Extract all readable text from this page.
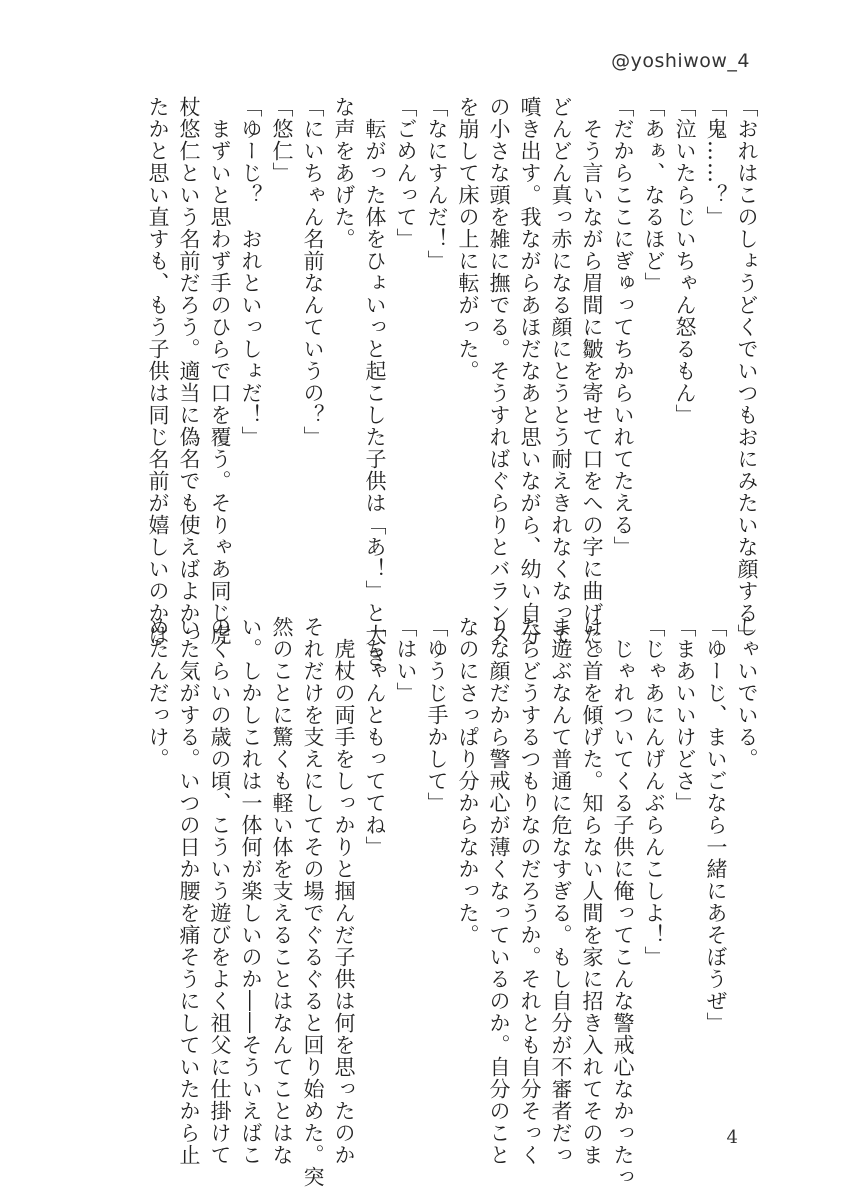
@yoshiwow_4
「おれはこのしょうどくでいつもおにみたいな顔する」
「鬼……？」
「泣いたらじいちゃん怒るもん」
「あぁ、なるほど」
「だからここにぎゅってちからいれてたえる」
　そう言いながら眉間に皺を寄せて口をへの字に曲げた。
どんどん真っ赤になる顔にとうとう耐えきれなくなって
噴き出す。我ながらあほだなあと思いながら、幼い自分
の小さな頭を雑に撫でる。そうすればぐらりとバランス
を崩して床の上に転がった。
「なにすんだ！」
「ごめんって」
　転がった体をひょいっと起こした子供は「あ！」と大き
な声をあげた。
「にいちゃん名前なんていうの？」
「悠仁」
「ゆーじ？　おれといっしょだ！」
　まずいと思わず手のひらで口を覆う。そりゃあ同じ虎
杖悠仁という名前だろう。適当に偽名でも使えばよかっ
たかと思い直すも、もう子供は同じ名前が嬉しいのかは
しゃいでいる。
「ゆーじ、まいごなら一緒にあそぼうぜ」
「まあいいけどさ」
「じゃあにんげんぶらんこしよ！」
　じゃれついてくる子供に俺ってこんな警戒心なかったっ
けと首を傾げた。知らない人間を家に招き入れてそのま
ま遊ぶなんて普通に危なすぎる。もし自分が不審者だっ
たらどうするつもりなのだろうか。それとも自分そっく
りな顔だから警戒心が薄くなっているのか。自分のこと
なのにさっぱり分からなかった。
「ゆうじ手かして」
「はい」
「ちゃんともっててね」
　虎杖の両手をしっかりと掴んだ子供は何を思ったのか
それだけを支えにしてその場でぐるぐると回り始めた。突
然のことに驚くも軽い体を支えることはなんてことはな
い。しかしこれは一体何が楽しいのか――そういえばこ
のくらいの歳の頃、こういう遊びをよく祖父に仕掛けて
いた気がする。いつの日か腰を痛そうにしていたから止
めたんだっけ。
4
